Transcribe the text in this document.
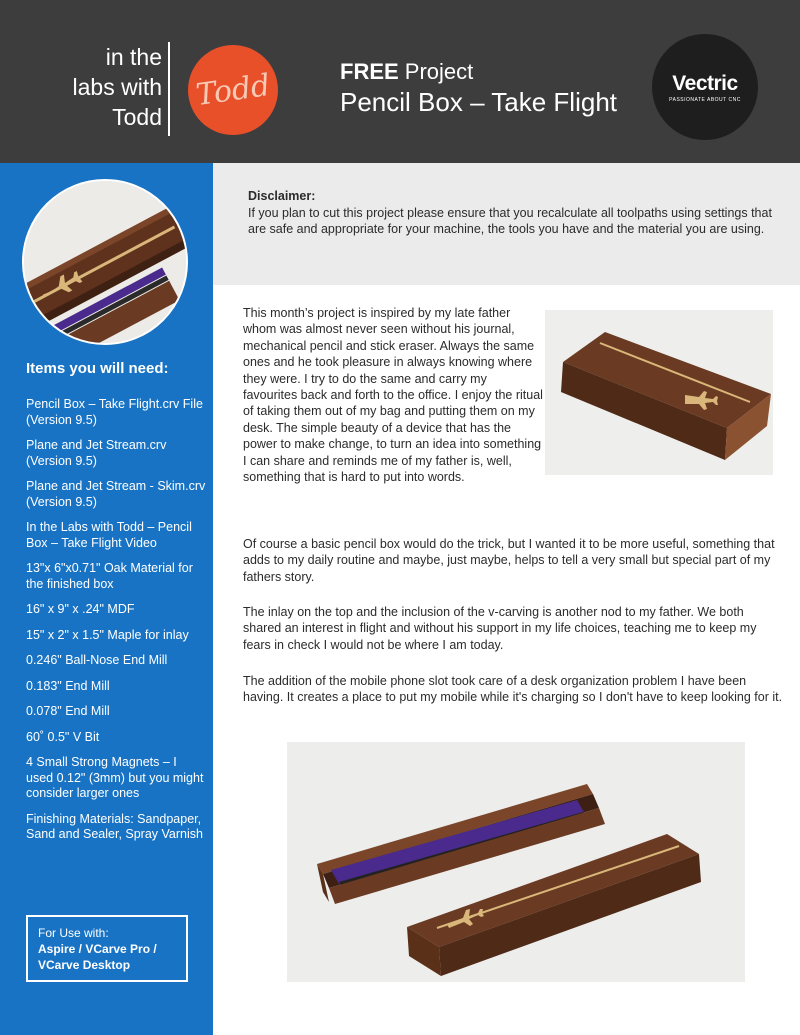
in the
labs with
Todd
Todd	FREE Project
Pencil Box – Take Flight
Vectric
PASSIONATE ABOUT CNC
Items you will need:
Pencil Box – Take Flight.crv File (Version 9.5)
Plane and Jet Stream.crv (Version 9.5)
Plane and Jet Stream - Skim.crv (Version 9.5)
In the Labs with Todd – Pencil Box – Take Flight Video
13"x 6"x0.71" Oak Material for the finished box
16" x 9" x .24" MDF
15" x 2" x 1.5" Maple for inlay
0.246" Ball-Nose End Mill
0.183" End Mill
0.078" End Mill
60˚ 0.5" V Bit
4 Small Strong Magnets – I used 0.12" (3mm) but you might consider larger ones
Finishing Materials: Sandpaper, Sand and Sealer, Spray Varnish
For Use with:
Aspire / VCarve Pro / VCarve Desktop
Disclaimer:
If you plan to cut this project please ensure that you recalculate all toolpaths using settings that are safe and appropriate for your machine, the tools you have and the material you are using.

This month’s project is inspired by my late father whom was almost never seen without his journal, mechanical pencil and stick eraser. Always the same ones and he took pleasure in always knowing where they were. I try to do the same and carry my favourites back and forth to the office. I enjoy the ritual of taking them out of my bag and putting them on my desk. The simple beauty of a device that has the power to make change, to turn an idea into something I can share and reminds me of my father is, well, something that is hard to put into words.

Of course a basic pencil box would do the trick, but I wanted it to be more useful, something that adds to my daily routine and maybe, just maybe, helps to tell a very small but special part of my fathers story.

The inlay on the top and the inclusion of the v-carving is another nod to my father. We both shared an interest in flight and without his support in my life choices, teaching me to keep my fears in check I would not be where I am today.

The addition of the mobile phone slot took care of a desk organization problem I have been having. It creates a place to put my mobile while it's charging so I don't have to keep looking for it.
